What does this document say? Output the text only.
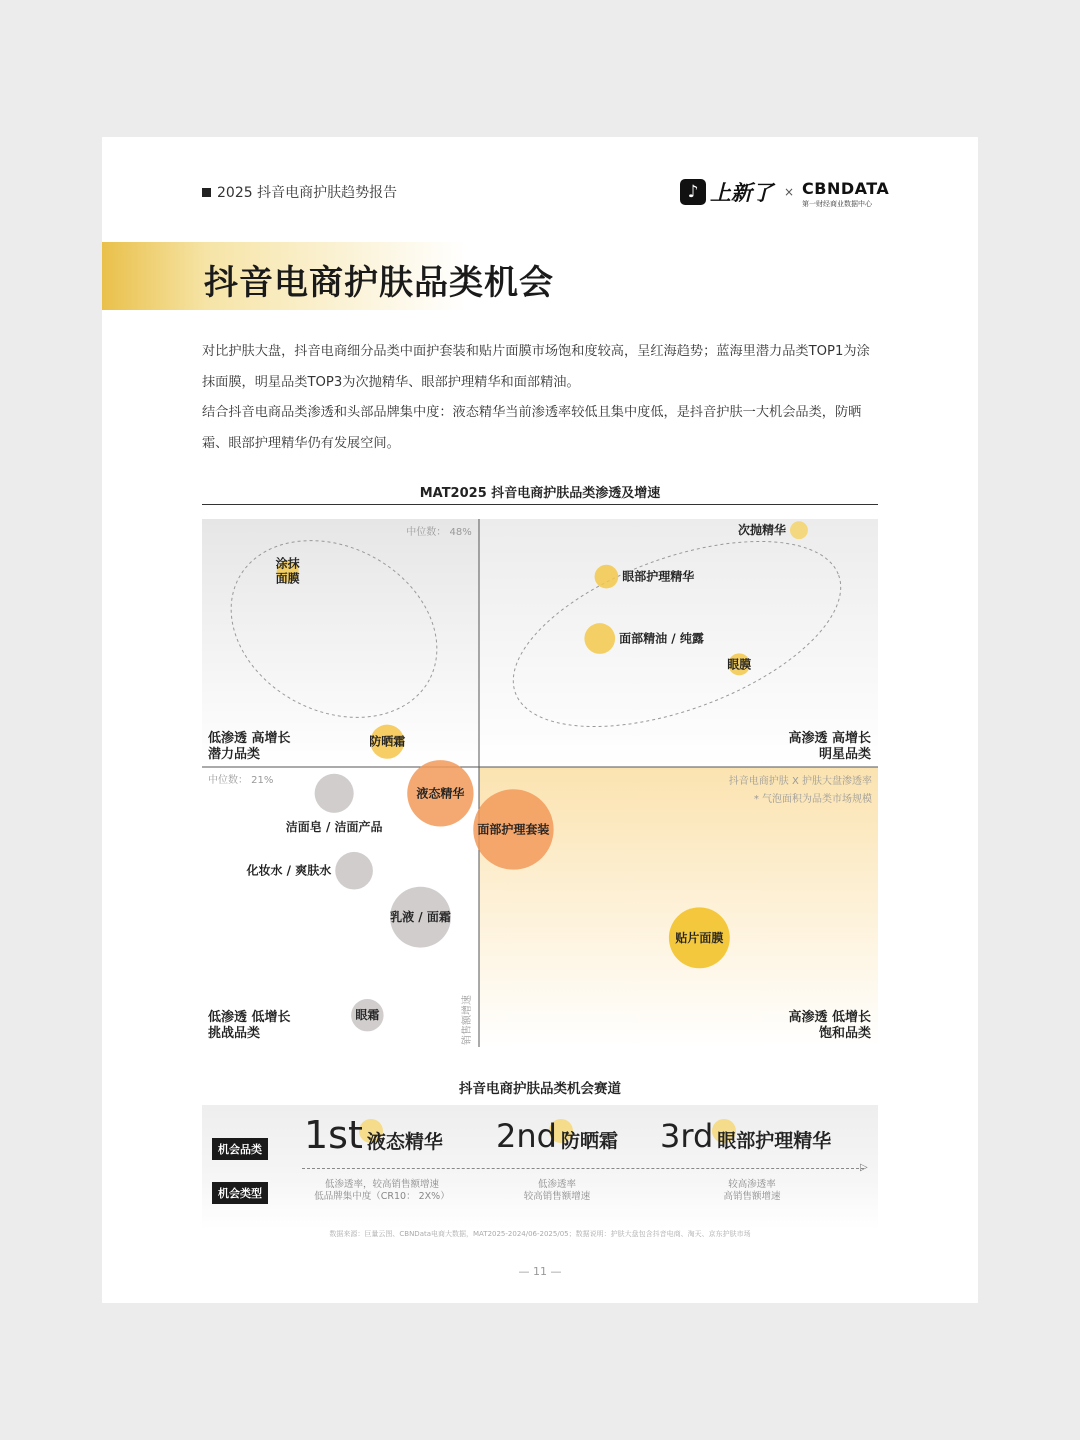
2025 抖音电商护肤趋势报告	♪ 上新了 × CBNDATA
第一财经商业数据中心
抖音电商护肤品类机会

对比护肤大盘，抖音电商细分品类中面护套装和贴片面膜市场饱和度较高，呈红海趋势；蓝海里潜力品类TOP1为涂抹面膜，明星品类TOP3为次抛精华、眼部护理精华和面部精油。

结合抖音电商品类渗透和头部品牌集中度：液态精华当前渗透率较低且集中度低，是抖音护肤一大机会品类，防晒霜、眼部护理精华仍有发展空间。

MAT2025 抖音电商护肤品类渗透及增速
涂抹面膜
次抛精华
眼部护理精华
面部精油 / 纯露
眼膜
防晒霜
液态精华
面部护理套装
洁面皂 / 洁面产品
化妆水 / 爽肤水
乳液 / 面霜
贴片面膜
眼霜
中位数： 48%
中位数： 21%	抖音电商护肤 X 护肤大盘渗透率
* 气泡面积为品类市场规模
销售额增速
低渗透 高增长
潜力品类
高渗透 高增长
明星品类
低渗透 低增长
挑战品类
高渗透 低增长
饱和品类
抖音电商护肤品类机会赛道
机会品类
机会类型
▷
1st 液态精华
低渗透率，较高销售额增速
低品牌集中度（CR10： 2X%）
2nd 防晒霜
低渗透率
较高销售额增速
3rd 眼部护理精华
较高渗透率
高销售额增速
数据来源：巨量云图、CBNData电商大数据，MAT2025-2024/06-2025/05；数据说明：护肤大盘包含抖音电商、淘天、京东护肤市场
— 11 —
